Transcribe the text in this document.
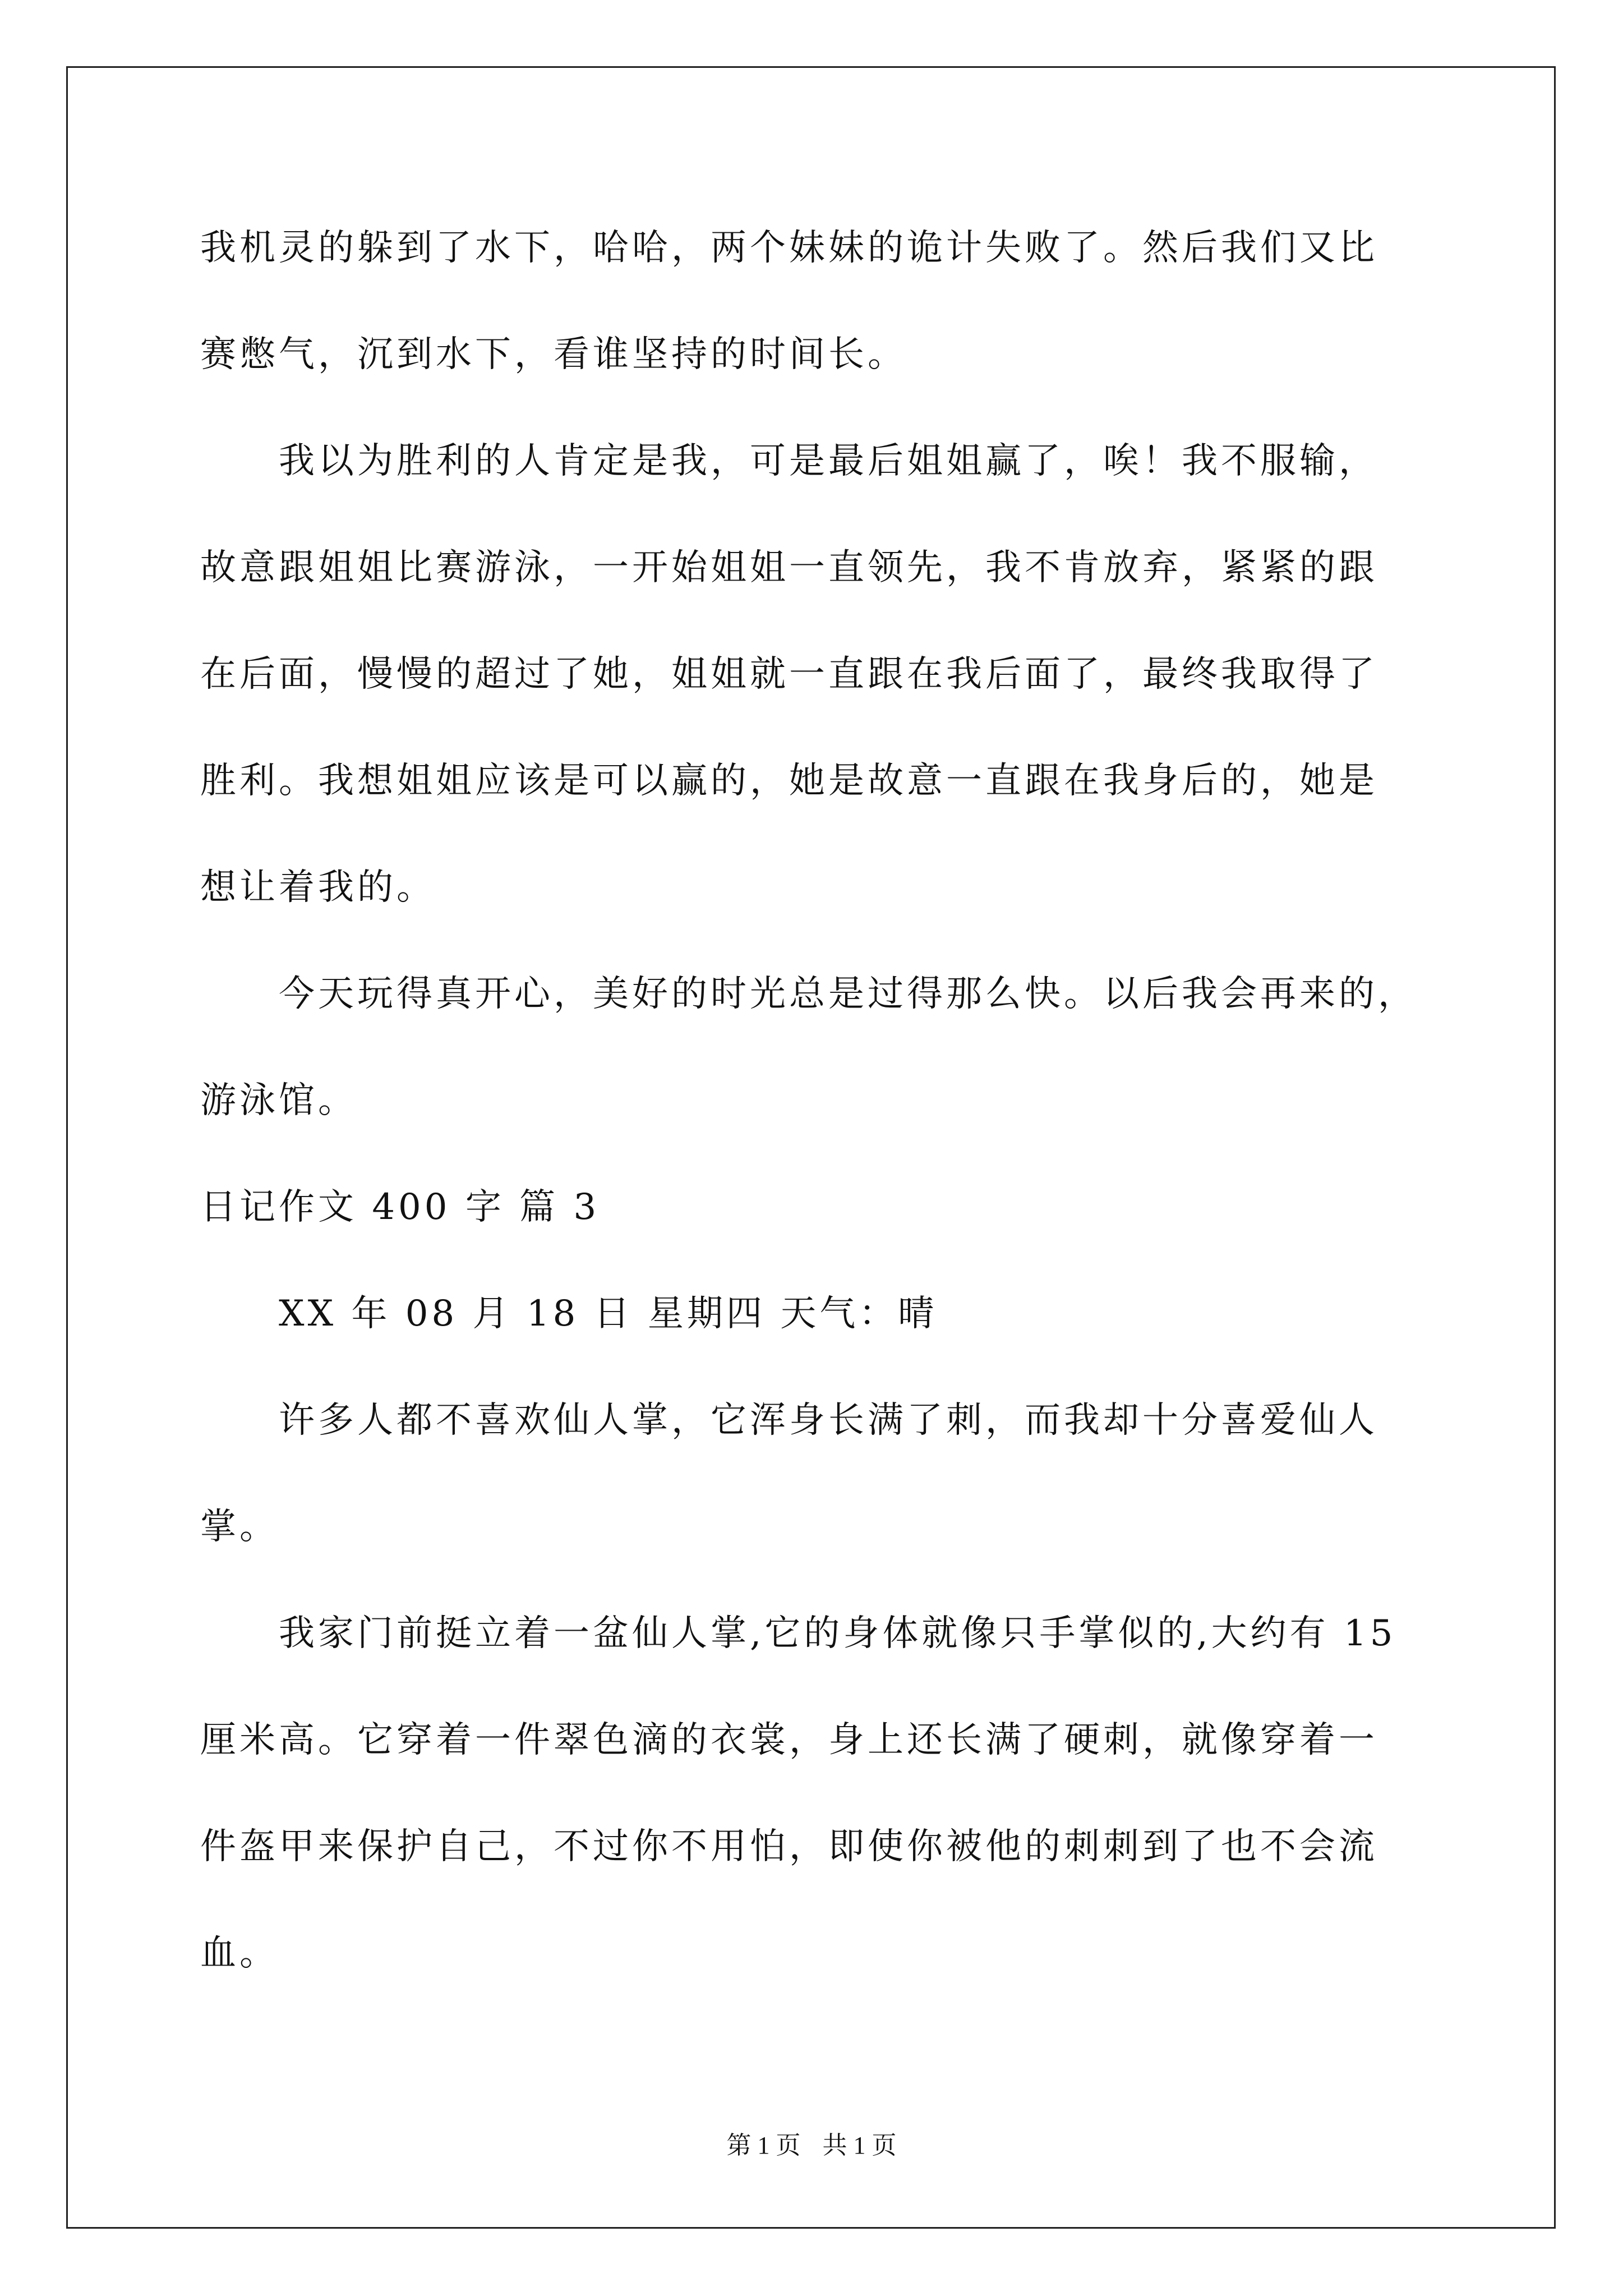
我机灵的躲到了水下，哈哈，两个妹妹的诡计失败了。然后我们又比
赛憋气，沉到水下，看谁坚持的时间长。
我以为胜利的人肯定是我，可是最后姐姐赢了，唉！我不服输，
故意跟姐姐比赛游泳，一开始姐姐一直领先，我不肯放弃，紧紧的跟
在后面，慢慢的超过了她，姐姐就一直跟在我后面了，最终我取得了
胜利。我想姐姐应该是可以赢的，她是故意一直跟在我身后的，她是
想让着我的。
今天玩得真开心，美好的时光总是过得那么快。以后我会再来的，
游泳馆。
日记作文 400 字 篇 3
XX 年 08 月 18 日 星期四 天气：晴
许多人都不喜欢仙人掌，它浑身长满了刺，而我却十分喜爱仙人
掌。
我家门前挺立着一盆仙人掌,它的身体就像只手掌似的,大约有 15
厘米高。它穿着一件翠色滴的衣裳，身上还长满了硬刺，就像穿着一
件盔甲来保护自己，不过你不用怕，即使你被他的刺刺到了也不会流
血。
第 1 页 共 1 页
